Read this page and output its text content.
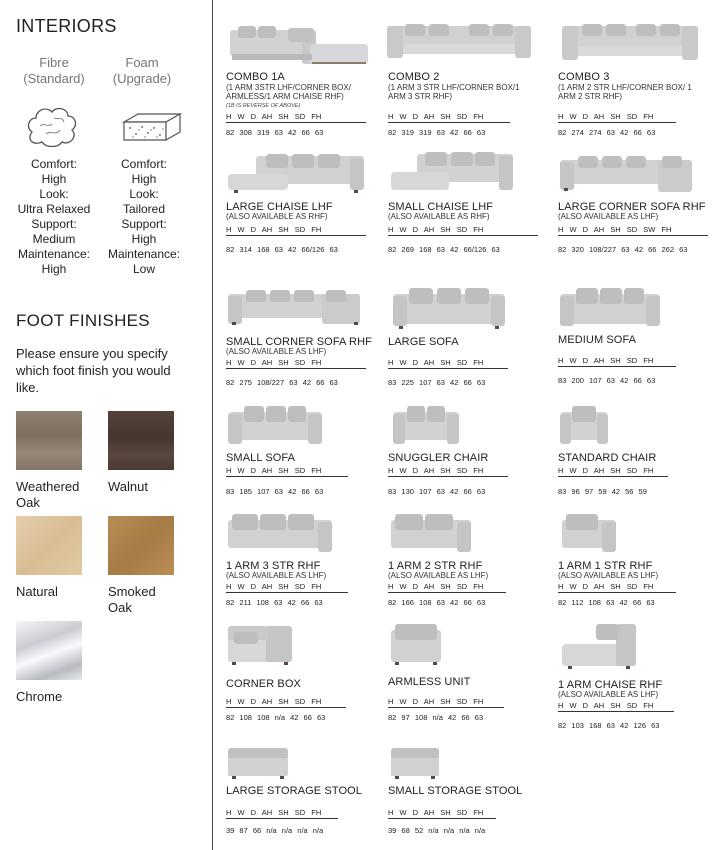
INTERIORS
Fibre
(Standard)
Foam
(Upgrade)
Comfort:
High
Look:
Ultra Relaxed
Support:
Medium
Maintenance:
High
Comfort:
High
Look:
Tailored
Support:
High
Maintenance:
Low
FOOT FINISHES
Please ensure you specify which foot finish you would like.
Weathered Oak
Walnut
Natural	Smoked Oak
Chrome
COMBO 1A
(1 ARM 3STR LHF/CORNER BOX/
ARMLESS/1 ARM CHAISE RHF)
(1B IS REVERSE OF ABOVE)
H W D AH SH SD FH
82 308 319 63 42 66 63
COMBO 2
(1 ARM 3 STR LHF/CORNER BOX/1
ARM 3 STR RHF)
H W D AH SH SD FH
82 319 319 63 42 66 63
COMBO 3
(1 ARM 2 STR LHF/CORNER BOX/ 1
ARM 2 STR RHF)
H W D AH SH SD FH
82 274 274 63 42 66 63
LARGE CHAISE LHF
(ALSO AVAILABLE AS RHF)
H W D AH SH SD FH
82 314 168 63 42 66/126 63
SMALL CHAISE LHF
(ALSO AVAILABLE AS RHF)
H W D AH SH SD FH
82 269 168 63 42 66/126 63
LARGE CORNER SOFA RHF
(ALSO AVAILABLE AS LHF)
H W D AH SH SD SW FH
82 320 108/227 63 42 66 262 63
SMALL CORNER SOFA RHF
(ALSO AVAILABLE AS LHF)
H W D AH SH SD FH
82 275 108/227 63 42 66 63
LARGE SOFA
H W D AH SH SD FH
83 225 107 63 42 66 63
MEDIUM SOFA
H W D AH SH SD FH
83 200 107 63 42 66 63
SMALL SOFA
H W D AH SH SD FH
83 185 107 63 42 66 63
SNUGGLER CHAIR
H W D AH SH SD FH
83 130 107 63 42 66 63
STANDARD CHAIR
H W D AH SH SD FH
83 96 97 59 42 56 59
1 ARM 3 STR RHF
(ALSO AVAILABLE AS LHF)
H W D AH SH SD FH
82 211 108 63 42 66 63
1 ARM 2 STR RHF
(ALSO AVAILABLE AS LHF)
H W D AH SH SD FH
82 166 108 63 42 66 63
1 ARM 1 STR RHF
(ALSO AVAILABLE AS LHF)
H W D AH SH SD FH
82 112 108 63 42 66 63
CORNER BOX
H W D AH SH SD FH
82 108 108 n/a 42 66 63
ARMLESS UNIT
H W D AH SH SD FH
82 97 108 n/a 42 66 63
1 ARM CHAISE RHF
(ALSO AVAILABLE AS LHF)
H W D AH SH SD FH
82 103 168 63 42 126 63
LARGE STORAGE STOOL
H W D AH SH SD FH
39 87 66 n/a n/a n/a n/a
SMALL STORAGE STOOL
H W D AH SH SD FH
39 68 52 n/a n/a n/a n/a
